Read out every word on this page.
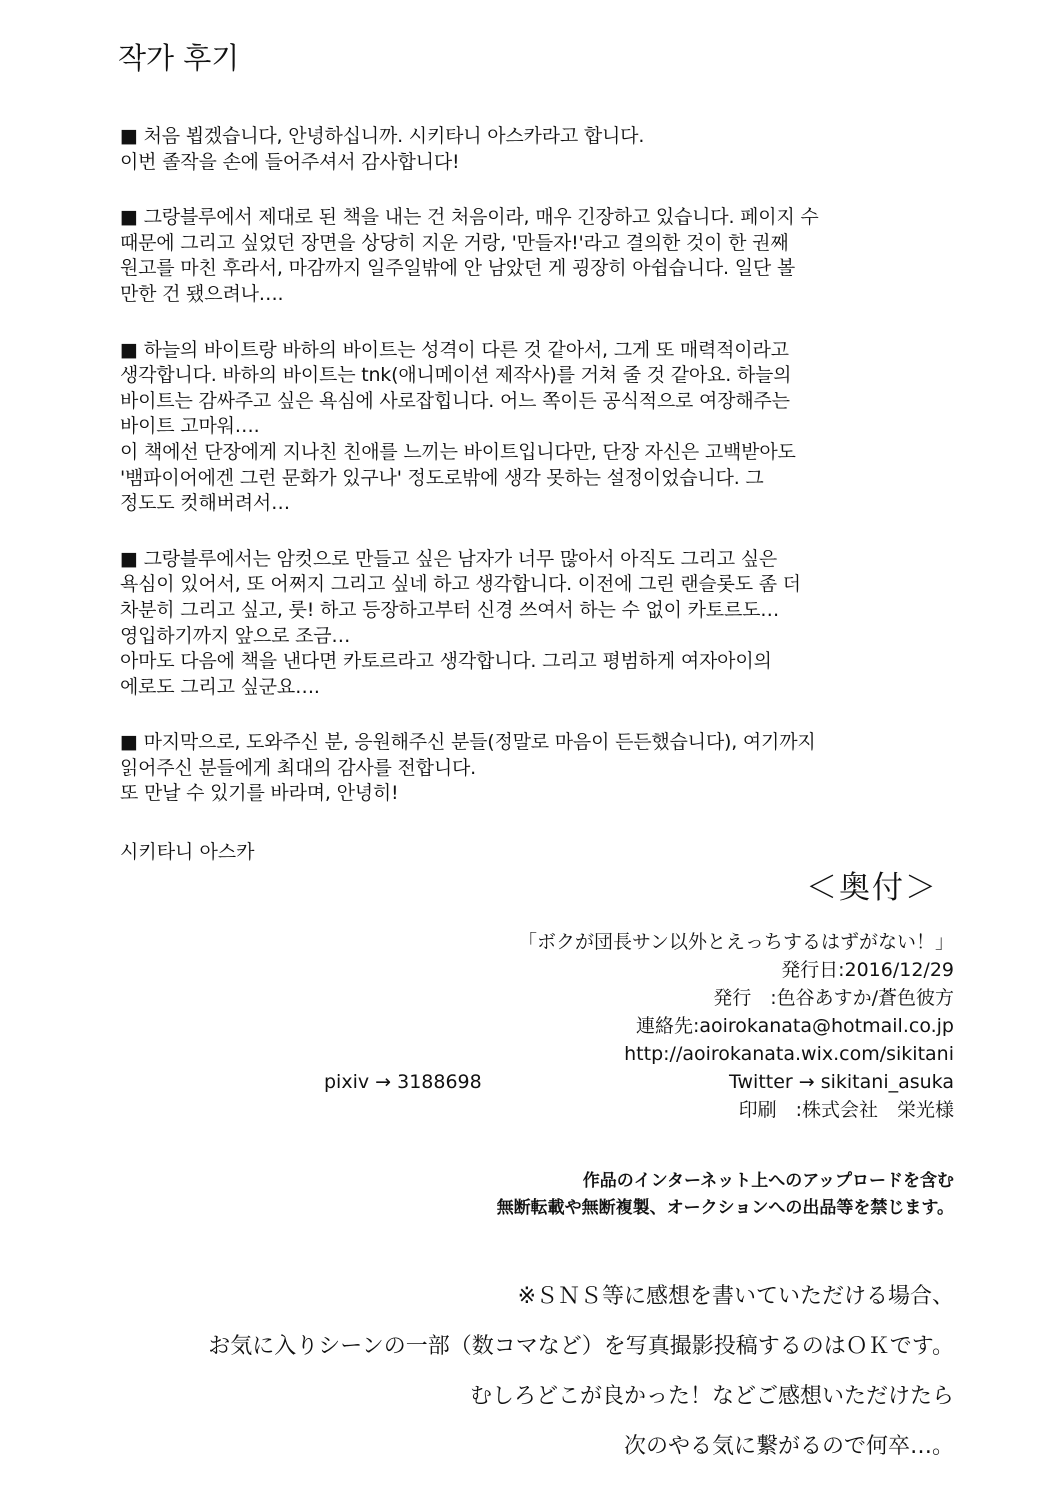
작가 후기
■ 처음 뵙겠습니다, 안녕하십니까. 시키타니 아스카라고 합니다.
이번 졸작을 손에 들어주셔서 감사합니다!
■ 그랑블루에서 제대로 된 책을 내는 건 처음이라, 매우 긴장하고 있습니다. 페이지 수
때문에 그리고 싶었던 장면을 상당히 지운 거랑, '만들자!'라고 결의한 것이 한 권째
원고를 마친 후라서, 마감까지 일주일밖에 안 남았던 게 굉장히 아쉽습니다. 일단 볼
만한 건 됐으려나….
■ 하늘의 바이트랑 바하의 바이트는 성격이 다른 것 같아서, 그게 또 매력적이라고
생각합니다. 바하의 바이트는 tnk(애니메이션 제작사)를 거쳐 줄 것 같아요. 하늘의
바이트는 감싸주고 싶은 욕심에 사로잡힙니다. 어느 쪽이든 공식적으로 여장해주는
바이트 고마워….
이 책에선 단장에게 지나친 친애를 느끼는 바이트입니다만, 단장 자신은 고백받아도
'뱀파이어에겐 그런 문화가 있구나' 정도로밖에 생각 못하는 설정이었습니다. 그
정도도 컷해버려서…
■ 그랑블루에서는 암컷으로 만들고 싶은 남자가 너무 많아서 아직도 그리고 싶은
욕심이 있어서, 또 어쩌지 그리고 싶네 하고 생각합니다. 이전에 그린 랜슬롯도 좀 더
차분히 그리고 싶고, 룻! 하고 등장하고부터 신경 쓰여서 하는 수 없이 카토르도…
영입하기까지 앞으로 조금…
아마도 다음에 책을 낸다면 카토르라고 생각합니다. 그리고 평범하게 여자아이의
에로도 그리고 싶군요….
■ 마지막으로, 도와주신 분, 응원해주신 분들(정말로 마음이 든든했습니다), 여기까지
읽어주신 분들에게 최대의 감사를 전합니다.
또 만날 수 있기를 바라며, 안녕히!
시키타니 아스카
＜奥付＞
「ボクが団長サン以外とえっちするはずがない！」
発行日:2016/12/29
発行　:色谷あすか/蒼色彼方
連絡先:aoirokanata@hotmail.co.jp
http://aoirokanata.wix.com/sikitani
pixiv → 3188698	Twitter → sikitani_asuka
印刷　:株式会社　栄光様
作品のインターネット上へのアップロードを含む
無断転載や無断複製、オークションへの出品等を禁じます。
※ＳＮＳ等に感想を書いていただける場合、
お気に入りシーンの一部（数コマなど）を写真撮影投稿するのはＯＫです。
むしろどこが良かった！などご感想いただけたら
次のやる気に繋がるので何卒…。
